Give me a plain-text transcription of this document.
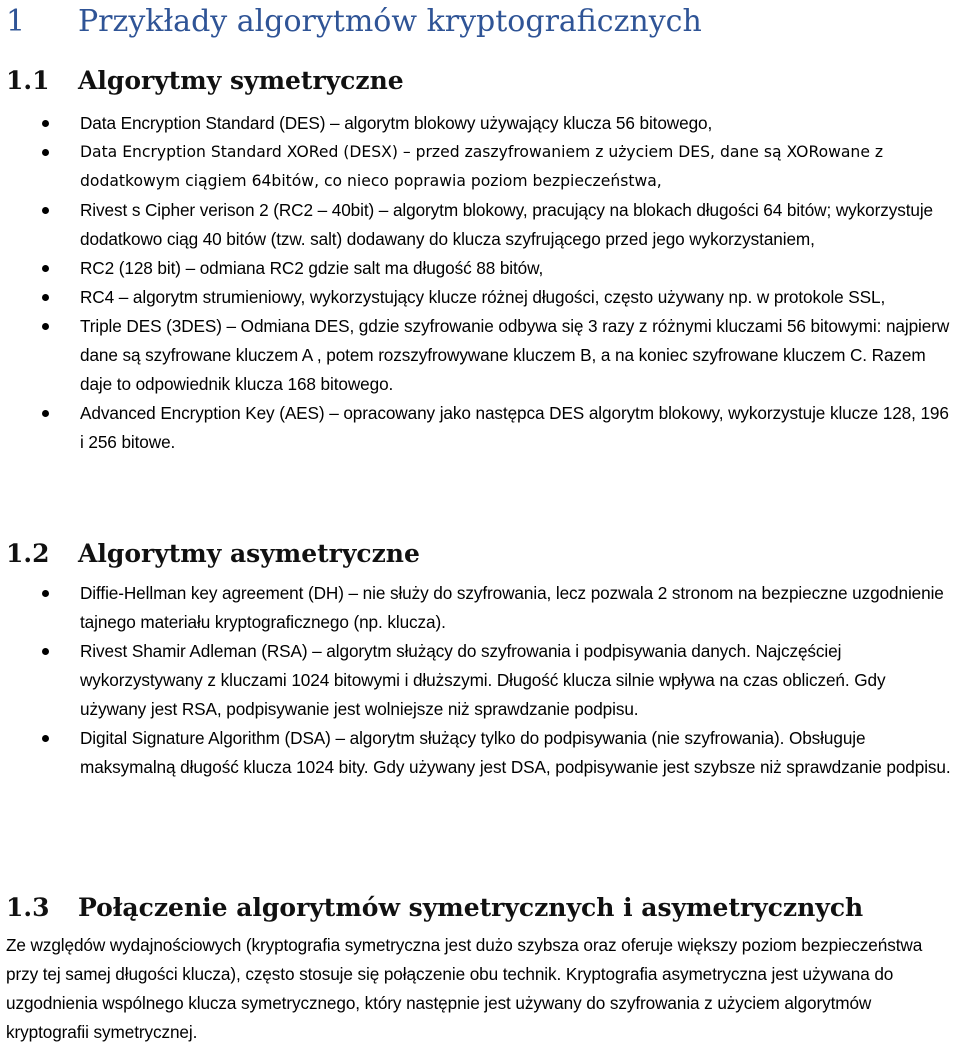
1 Przykłady algorytmów kryptograficznych
1.1 Algorytmy symetryczne
Data Encryption Standard (DES) – algorytm blokowy używający klucza 56 bitowego,
Data Encryption Standard XORed (DESX) – przed zaszyfrowaniem z użyciem DES, dane są XORowane z dodatkowym ciągiem 64bitów, co nieco poprawia poziom bezpieczeństwa,
Rivest s Cipher verison 2 (RC2 – 40bit) – algorytm blokowy, pracujący na blokach długości 64 bitów; wykorzystuje dodatkowo ciąg 40 bitów (tzw. salt) dodawany do klucza szyfrującego przed jego wykorzystaniem,
RC2 (128 bit) – odmiana RC2 gdzie salt ma długość 88 bitów,
RC4 – algorytm strumieniowy, wykorzystujący klucze różnej długości, często używany np. w protokole SSL,
Triple DES (3DES) – Odmiana DES, gdzie szyfrowanie odbywa się 3 razy z różnymi kluczami 56 bitowymi: najpierw dane są szyfrowane kluczem A , potem rozszyfrowywane kluczem B, a na koniec szyfrowane kluczem C. Razem daje to odpowiednik klucza 168 bitowego.
Advanced Encryption Key (AES) – opracowany jako następca DES algorytm blokowy, wykorzystuje klucze 128, 196 i 256 bitowe.
1.2 Algorytmy asymetryczne
Diffie-Hellman key agreement (DH) – nie służy do szyfrowania, lecz pozwala 2 stronom na bezpieczne uzgodnienie tajnego materiału kryptograficznego (np. klucza).
Rivest Shamir Adleman (RSA) – algorytm służący do szyfrowania i podpisywania danych. Najczęściej wykorzystywany z kluczami 1024 bitowymi i dłuższymi. Długość klucza silnie wpływa na czas obliczeń. Gdy używany jest RSA, podpisywanie jest wolniejsze niż sprawdzanie podpisu.
Digital Signature Algorithm (DSA) – algorytm służący tylko do podpisywania (nie szyfrowania). Obsługuje maksymalną długość klucza 1024 bity. Gdy używany jest DSA, podpisywanie jest szybsze niż sprawdzanie podpisu.
1.3 Połączenie algorytmów symetrycznych i asymetrycznych

Ze względów wydajnościowych (kryptografia symetryczna jest dużo szybsza oraz oferuje większy poziom bezpieczeństwa przy tej samej długości klucza), często stosuje się połączenie obu technik. Kryptografia asymetryczna jest używana do uzgodnienia wspólnego klucza symetrycznego, który następnie jest używany do szyfrowania z użyciem algorytmów kryptografii symetrycznej.
